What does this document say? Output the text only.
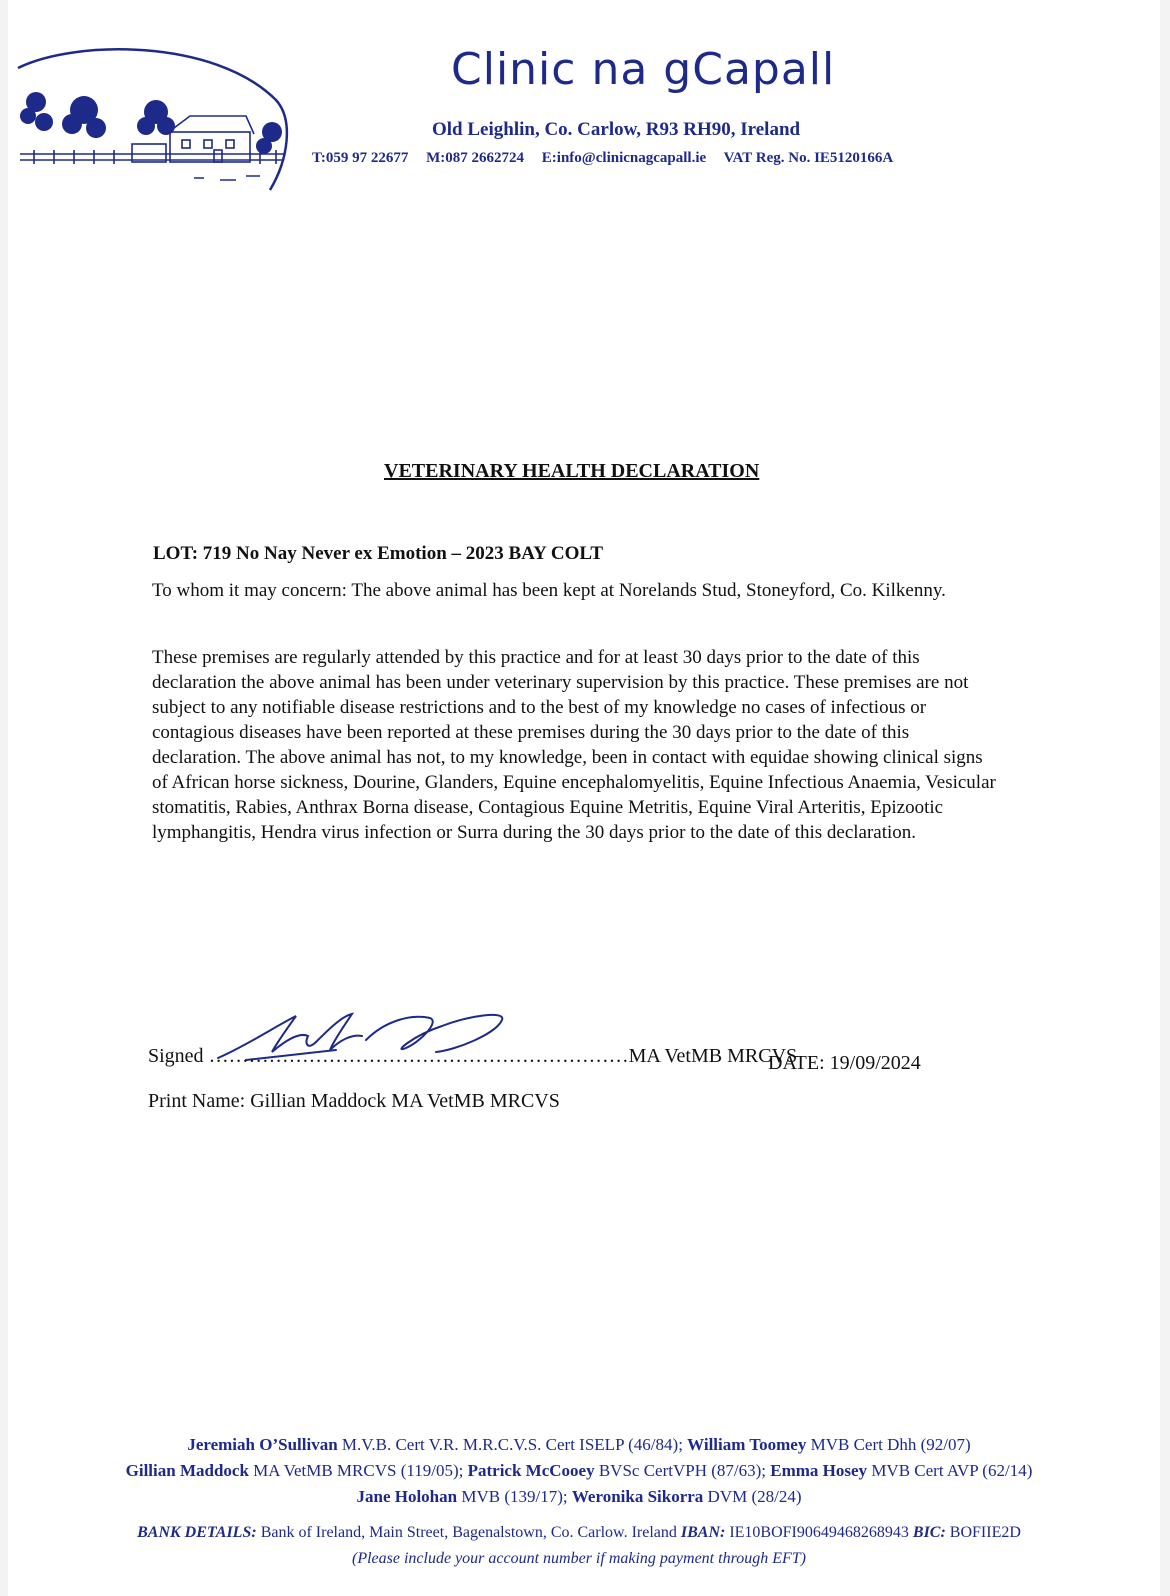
Clinic na gCapall
Old Leighlin, Co. Carlow, R93 RH90, Ireland
T:059 97 22677 M:087 2662724 E:info@clinicnagcapall.ie VAT Reg. No. IE5120166A
VETERINARY HEALTH DECLARATION
LOT: 719 No Nay Never ex Emotion – 2023 BAY COLT
To whom it may concern: The above animal has been kept at Norelands Stud, Stoneyford, Co. Kilkenny.
These premises are regularly attended by this practice and for at least 30 days prior to the date of this declaration the above animal has been under veterinary supervision by this practice. These premises are not subject to any notifiable disease restrictions and to the best of my knowledge no cases of infectious or contagious diseases have been reported at these premises during the 30 days prior to the date of this declaration. The above animal has not, to my knowledge, been in contact with equidae showing clinical signs of African horse sickness, Dourine, Glanders, Equine encephalomyelitis, Equine Infectious Anaemia, Vesicular stomatitis, Rabies, Anthrax Borna disease, Contagious Equine Metritis, Equine Viral Arteritis, Epizootic lymphangitis, Hendra virus infection or Surra during the 30 days prior to the date of this declaration.
Signed ………………………………………………………MA VetMB MRCVS
DATE: 19/09/2024
Print Name: Gillian Maddock MA VetMB MRCVS
Jeremiah O’Sullivan M.V.B. Cert V.R. M.R.C.V.S. Cert ISELP (46/84); William Toomey MVB Cert Dhh (92/07)
Gillian Maddock MA VetMB MRCVS (119/05); Patrick McCooey BVSc CertVPH (87/63); Emma Hosey MVB Cert AVP (62/14)
Jane Holohan MVB (139/17); Weronika Sikorra DVM (28/24)
BANK DETAILS: Bank of Ireland, Main Street, Bagenalstown, Co. Carlow. Ireland IBAN: IE10BOFI90649468268943 BIC: BOFIIE2D
(Please include your account number if making payment through EFT)
